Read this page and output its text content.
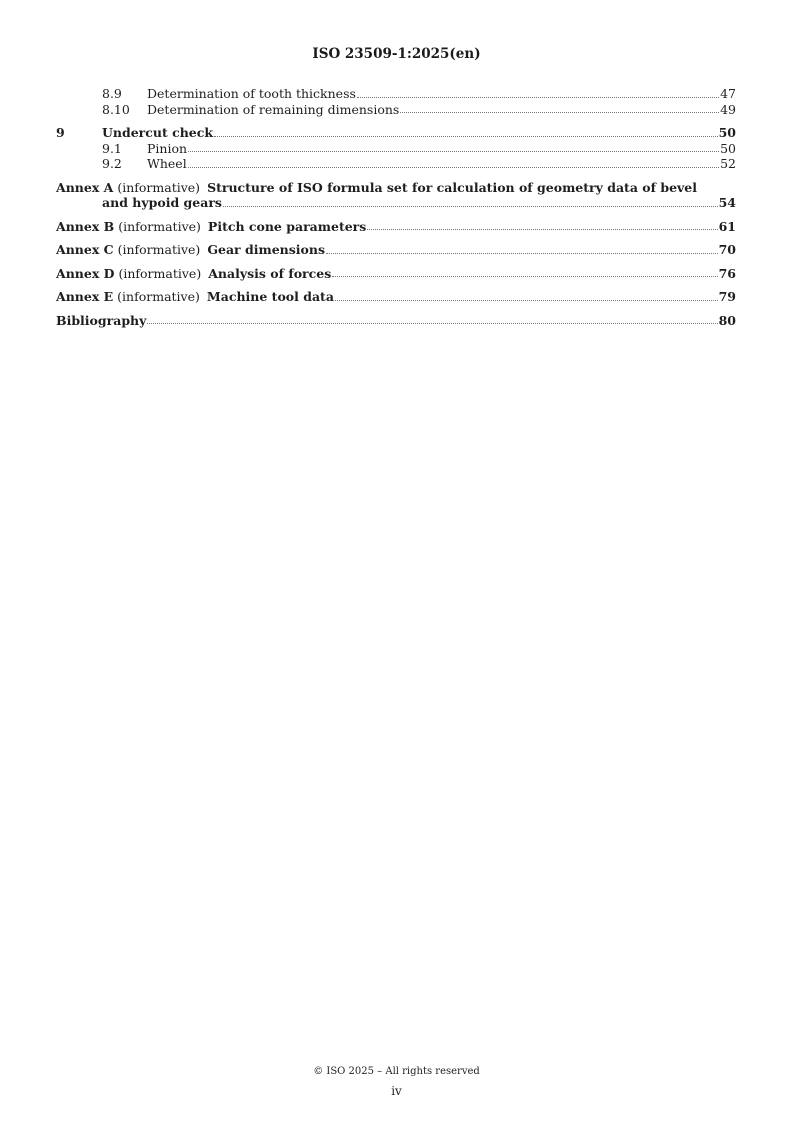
ISO 23509-1:2025(en)
8.9	Determination of tooth thickness	47
8.10	Determination of remaining dimensions	49
9	Undercut check	50
9.1	Pinion	50
9.2	Wheel	52
Annex A (informative) Structure of ISO formula set for calculation of geometry data of bevel
and hypoid gears	54
Annex B (informative) Pitch cone parameters	61
Annex C (informative) Gear dimensions	70
Annex D (informative) Analysis of forces	76
Annex E (informative) Machine tool data	79
Bibliography	80
© ISO 2025 – All rights reserved
iv
